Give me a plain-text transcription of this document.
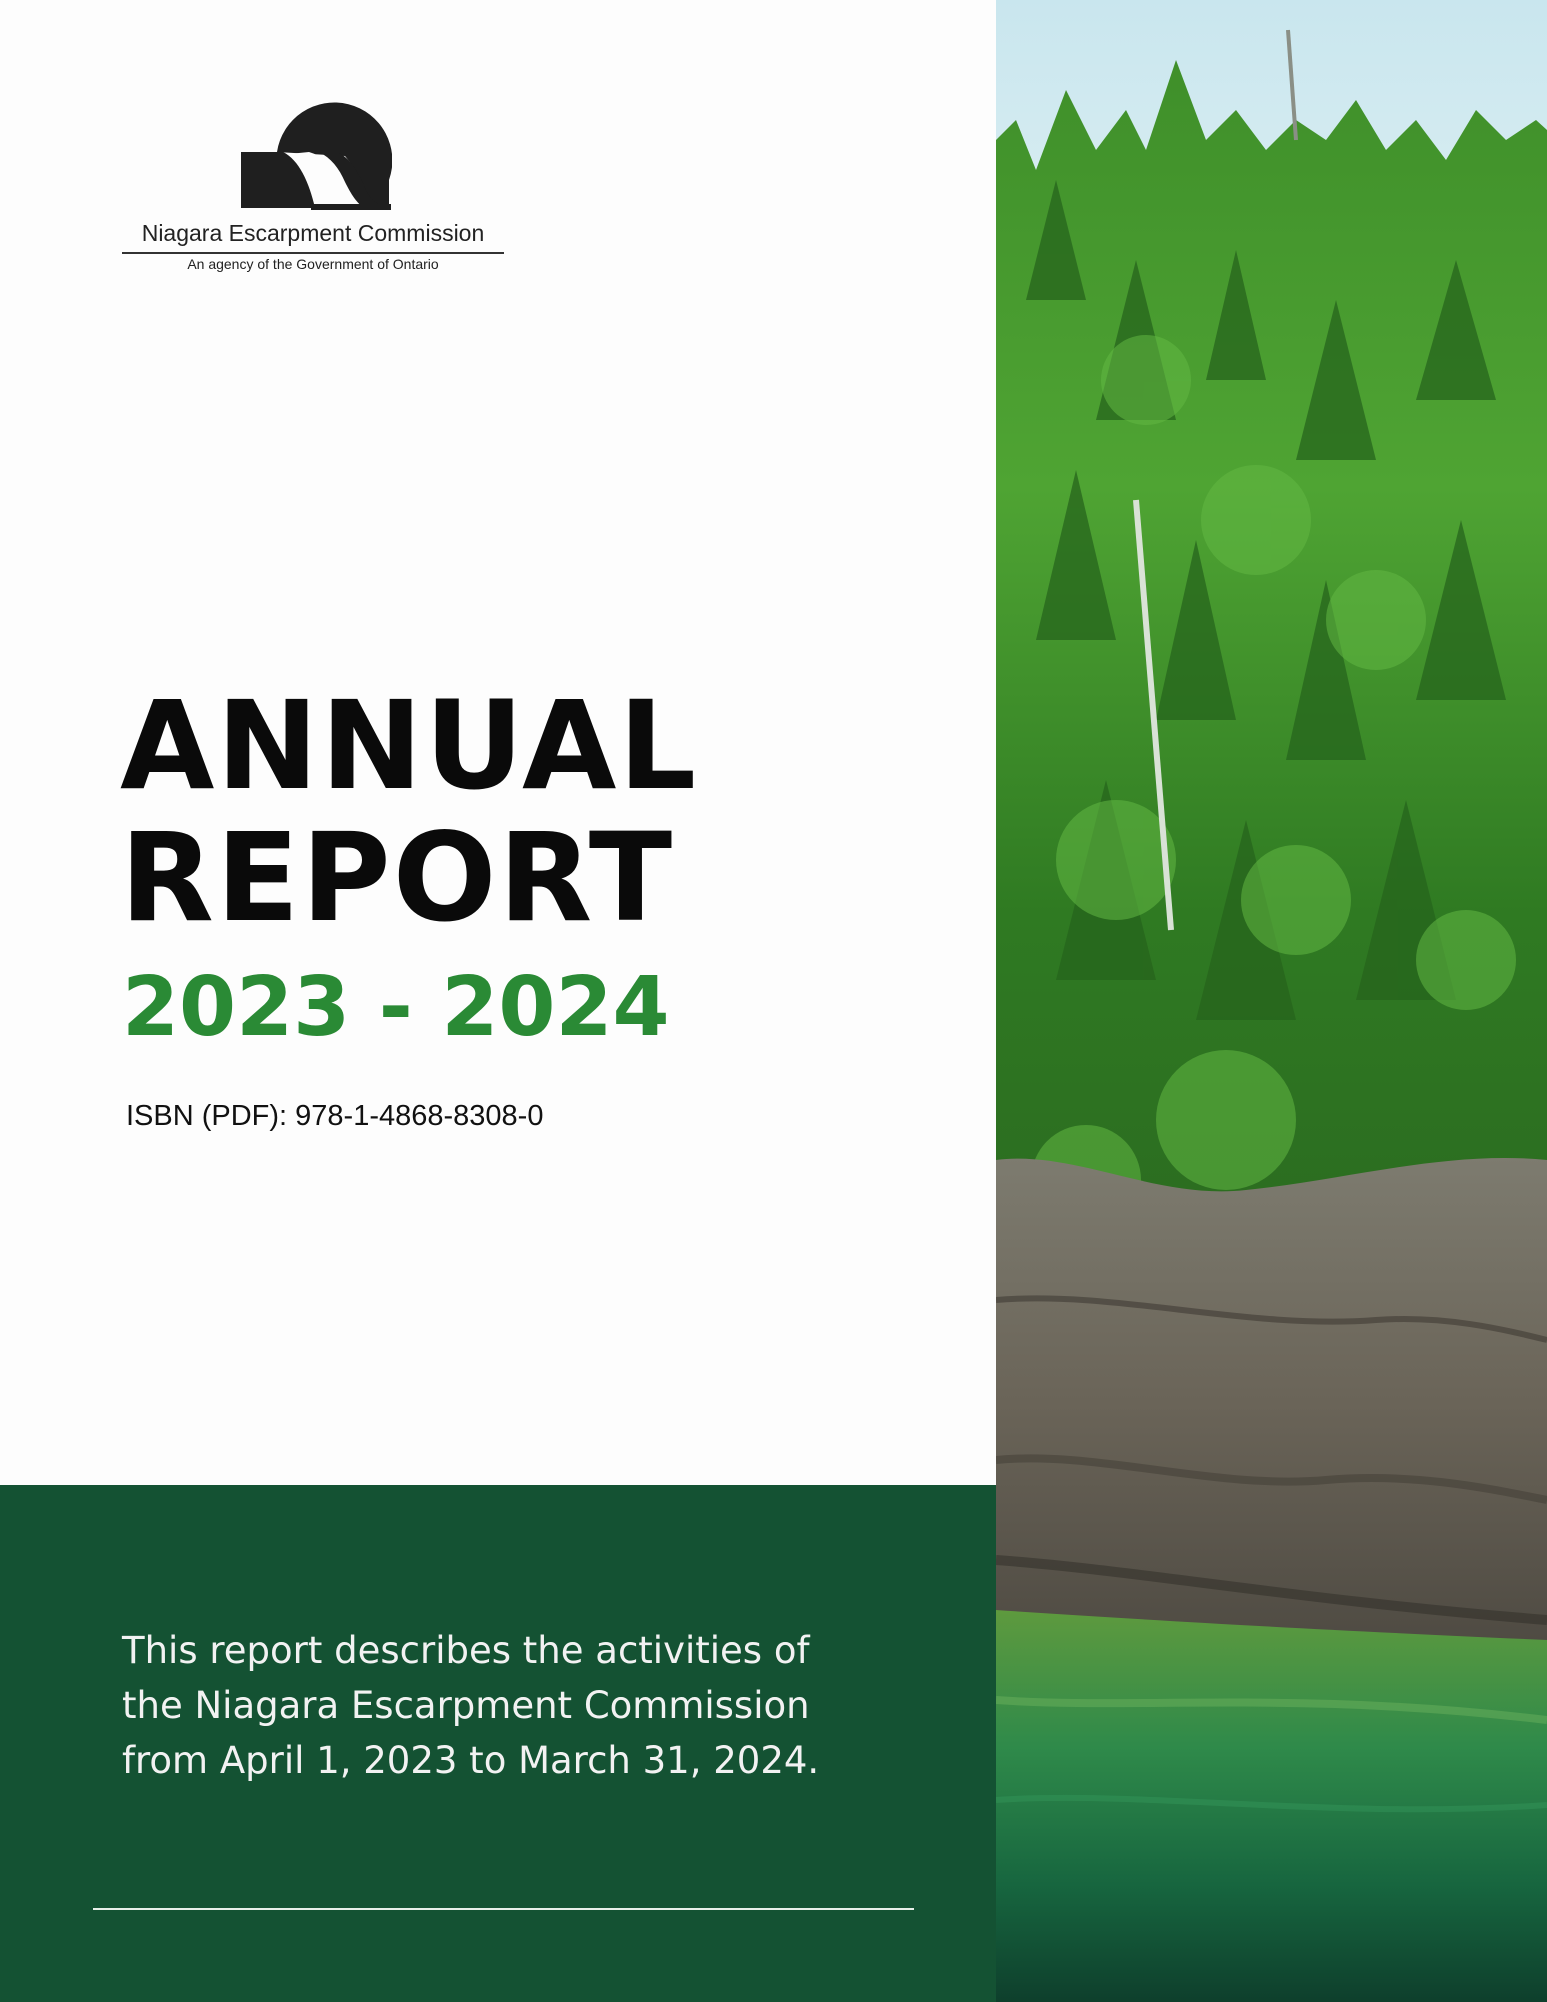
Niagara Escarpment Commission
An agency of the Government of Ontario
ANNUAL
REPORT
2023 - 2024
ISBN (PDF): 978-1-4868-8308-0
This report describes the activities of
the Niagara Escarpment Commission
from April 1, 2023 to March 31, 2024.
